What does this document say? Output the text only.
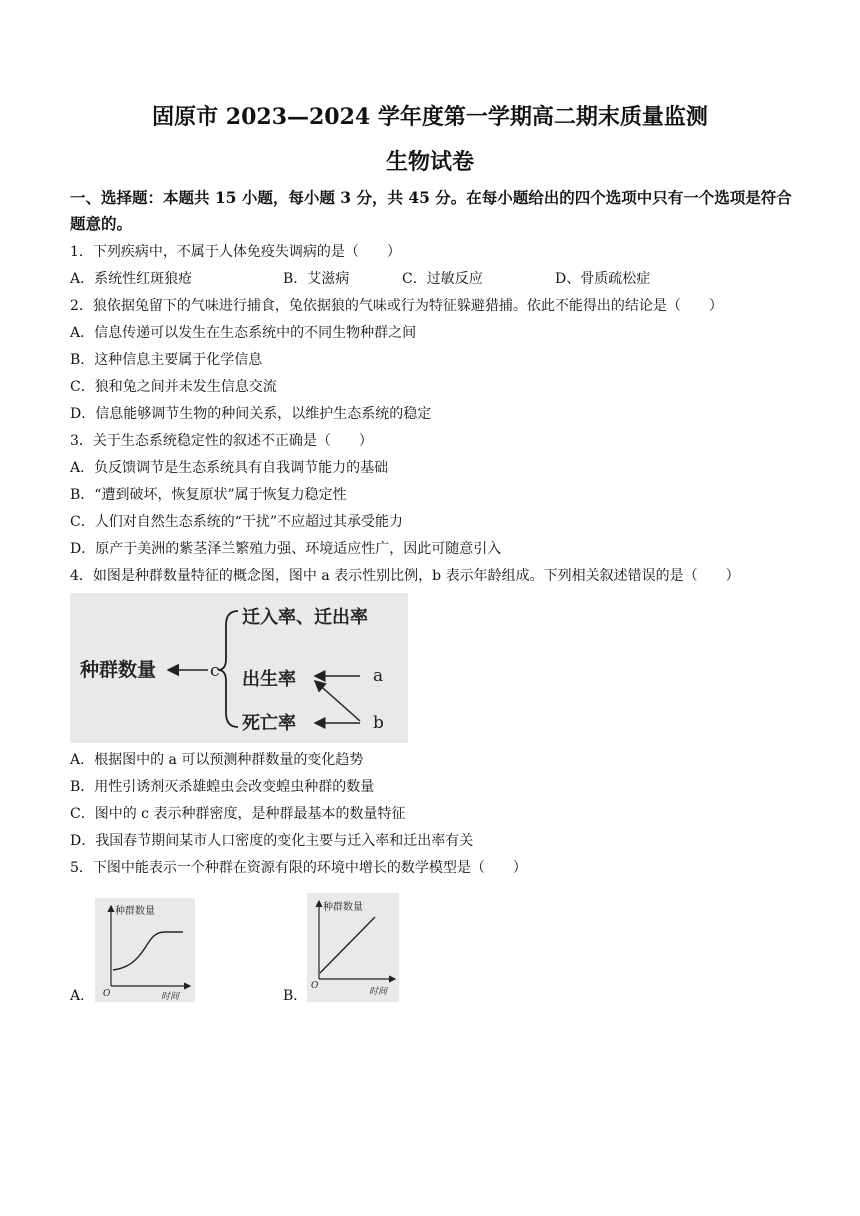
固原市 2023—2024 学年度第一学期高二期末质量监测
生物试卷
一、选择题：本题共 15 小题，每小题 3 分，共 45 分。在每小题给出的四个选项中只有一个选项是符合题意的。
1．下列疾病中，不属于人体免疫失调病的是（　　）
A．系统性红斑狼疮	B．艾滋病	C．过敏反应	D、骨质疏松症
2．狼依据兔留下的气味进行捕食，兔依据狼的气味或行为特征躲避猎捕。依此不能得出的结论是（　　）
A．信息传递可以发生在生态系统中的不同生物种群之间
B．这种信息主要属于化学信息
C．狼和兔之间并未发生信息交流
D．信息能够调节生物的种间关系，以维护生态系统的稳定
3．关于生态系统稳定性的叙述不正确是（　　）
A．负反馈调节是生态系统具有自我调节能力的基础
B．“遭到破坏，恢复原状”属于恢复力稳定性
C．人们对自然生态系统的“干扰”不应超过其承受能力
D．原产于美洲的紫茎泽兰繁殖力强、环境适应性广，因此可随意引入
4．如图是种群数量特征的概念图，图中 a 表示性别比例，b 表示年龄组成。下列相关叙述错误的是（　　）
种群数量	c
迁入率、迁出率
出生率
死亡率
a
b
A．根据图中的 a 可以预测种群数量的变化趋势
B．用性引诱剂灭杀雄蝗虫会改变蝗虫种群的数量
C．图中的 c 表示种群密度，是种群最基本的数量特征
D．我国春节期间某市人口密度的变化主要与迁入率和迁出率有关
5．下图中能表示一个种群在资源有限的环境中增长的数学模型是（　　）
A．
种群数量
时间
O	B．
种群数量
时间
O
